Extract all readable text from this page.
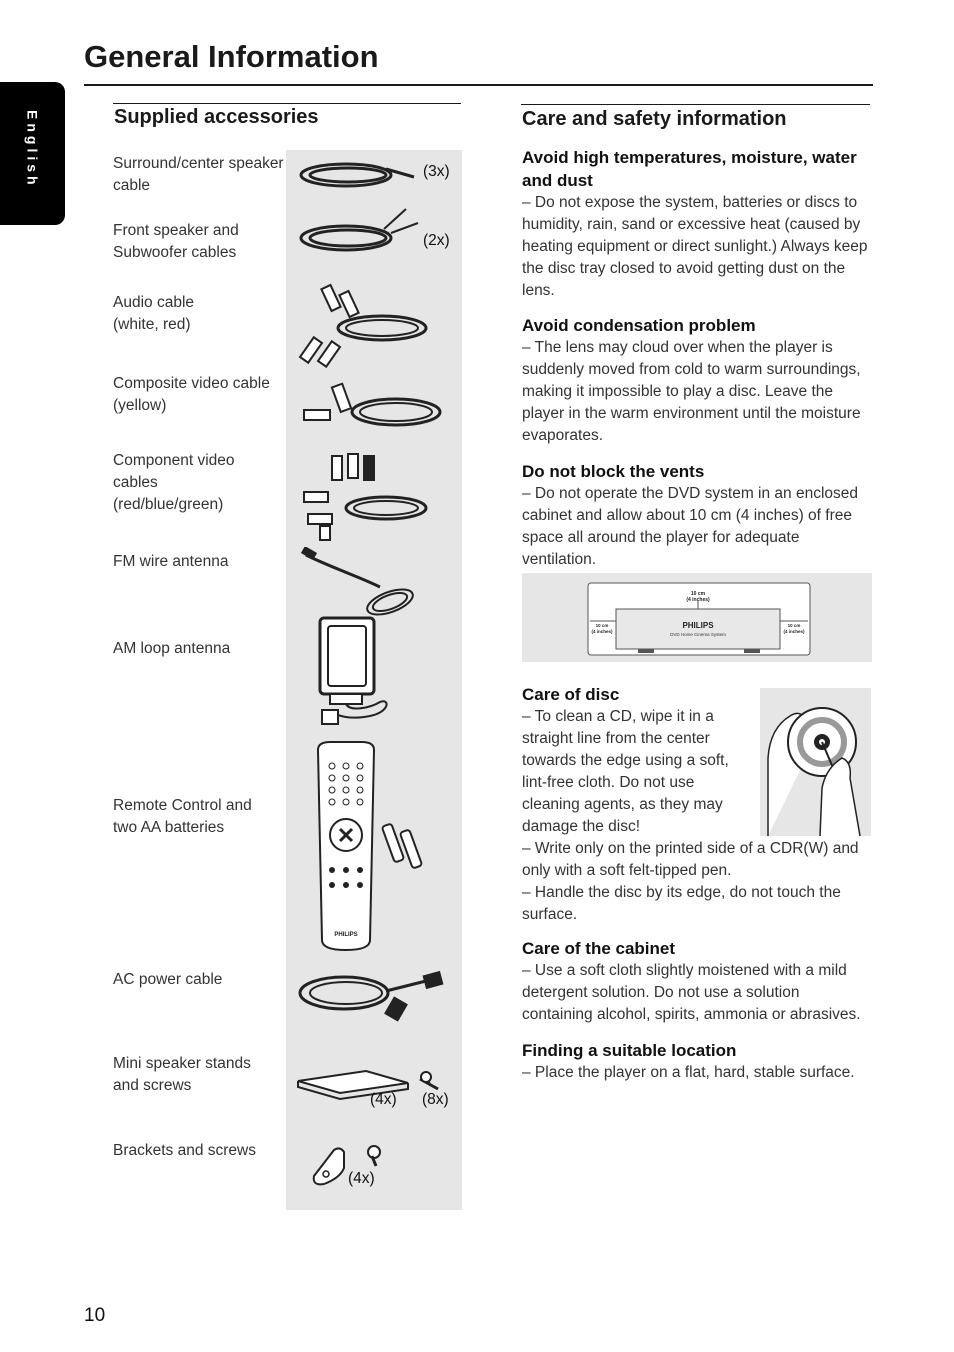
General Information
English	Supplied accessories
Surround/center speaker cable
Front speaker and Subwoofer cables
Audio cable (white, red)
Composite video cable (yellow)
Component video cables (red/blue/green)
FM wire antenna
AM loop antenna
Remote Control and two AA batteries
AC power cable
Mini speaker stands and screws
Brackets and screws
(3x)
(2x)
PHILIPS
(4x) (8x)
(4x)
Care and safety information
Avoid high temperatures, moisture, water and dust

– Do not expose the system, batteries or discs to humidity, rain, sand or excessive heat (caused by heating equipment or direct sunlight.) Always keep the disc tray closed to avoid getting dust on the lens.

Avoid condensation problem

– The lens may cloud over when the player is suddenly moved from cold to warm surroundings, making it impossible to play a disc. Leave the player in the warm environment until the moisture evaporates.

Do not block the vents

– Do not operate the DVD system in an enclosed cabinet and allow about 10 cm (4 inches) of free space all around the player for adequate ventilation.

10 cm
(4 inches)
10 cm
(4 inches)
10 cm
(4 inches)
PHILIPS
DVD Home Cinema System
Care of disc

– To clean a CD, wipe it in a straight line from the center towards the edge using a soft, lint-free cloth. Do not use cleaning agents, as they may damage the disc!

– Write only on the printed side of a CDR(W) and only with a soft felt-tipped pen.

– Handle the disc by its edge, do not touch the surface.

Care of the cabinet

– Use a soft cloth slightly moistened with a mild detergent solution. Do not use a solution containing alcohol, spirits, ammonia or abrasives.

Finding a suitable location

– Place the player on a flat, hard, stable surface.

10
